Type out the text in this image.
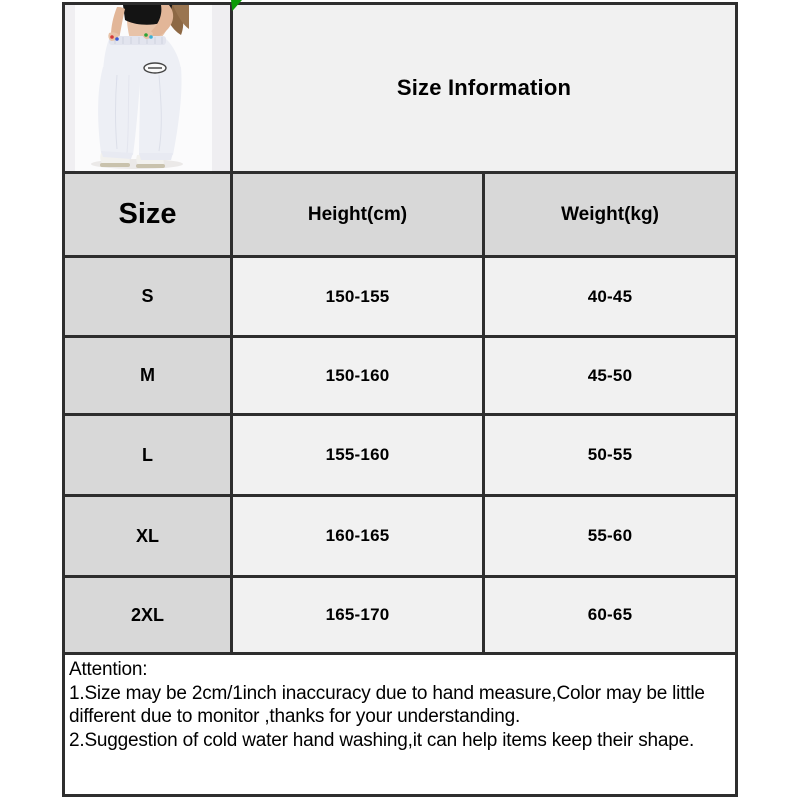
Size Information
Size	Height(cm)	Weight(kg)
S	150-155	40-45
M	150-160	45-50
L	155-160	50-55
XL	160-165	55-60
2XL	165-170	60-65
Attention:
1.Size may be 2cm/1inch inaccuracy due to hand measure,Color may be little
different due to monitor ,thanks for your understanding.
2.Suggestion of cold water hand washing,it can help items keep their shape.
